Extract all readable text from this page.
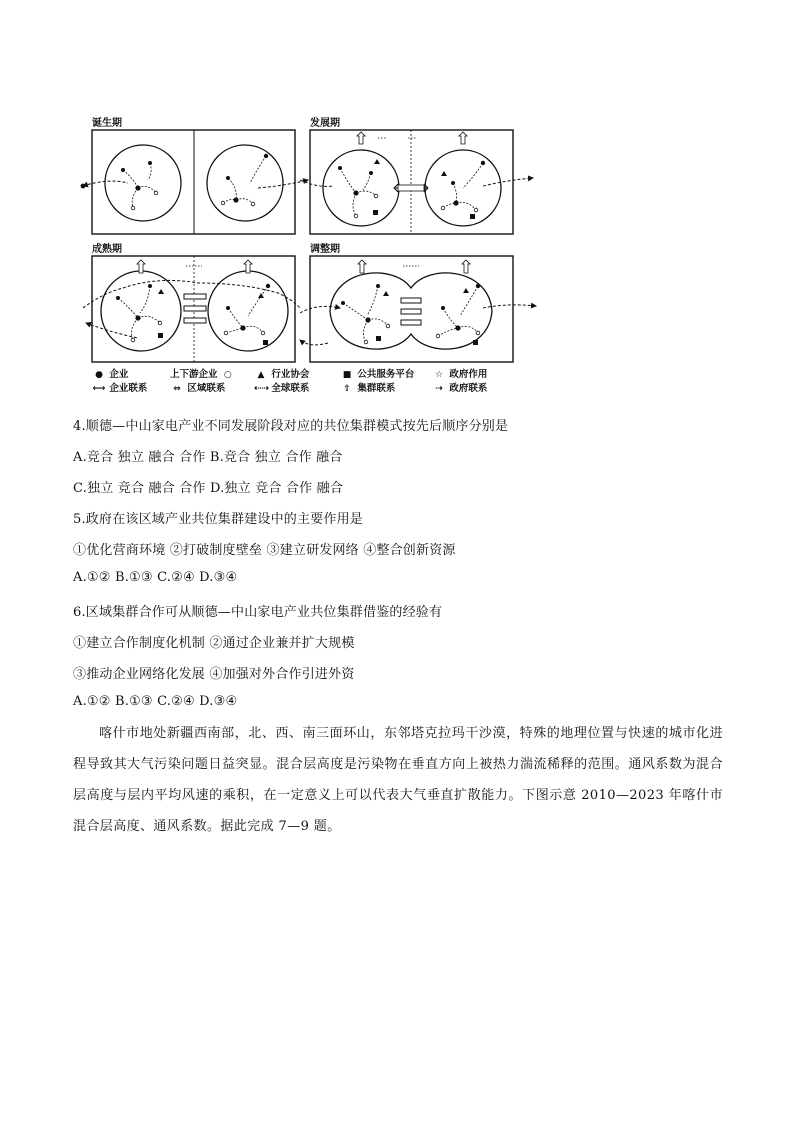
诞生期	发展期
成熟期	调整期
● 企业	上下游企业 ○	▲ 行业协会	■ 公共服务平台	☆ 政府作用
⟷ 企业联系	⇔ 区域联系	⇠⇢ 全球联系	⇧ 集群联系	⇢ 政府联系
4.顺德—中山家电产业不同发展阶段对应的共位集群模式按先后顺序分别是
A.竞合 独立 融合 合作 B.竞合 独立 合作 融合
C.独立 竞合 融合 合作 D.独立 竞合 合作 融合
5.政府在该区域产业共位集群建设中的主要作用是
①优化营商环境 ②打破制度壁垒 ③建立研发网络 ④整合创新资源
A.①② B.①③ C.②④ D.③④
6.区域集群合作可从顺德—中山家电产业共位集群借鉴的经验有
①建立合作制度化机制 ②通过企业兼并扩大规模
③推动企业网络化发展 ④加强对外合作引进外资
A.①② B.①③ C.②④ D.③④
喀什市地处新疆西南部，北、西、南三面环山，东邻塔克拉玛干沙漠，特殊的地理位置与快速的城市化进程导致其大气污染问题日益突显。混合层高度是污染物在垂直方向上被热力湍流稀释的范围。通风系数为混合层高度与层内平均风速的乘积，在一定意义上可以代表大气垂直扩散能力。下图示意 2010—2023 年喀什市混合层高度、通风系数。据此完成 7—9 题。
